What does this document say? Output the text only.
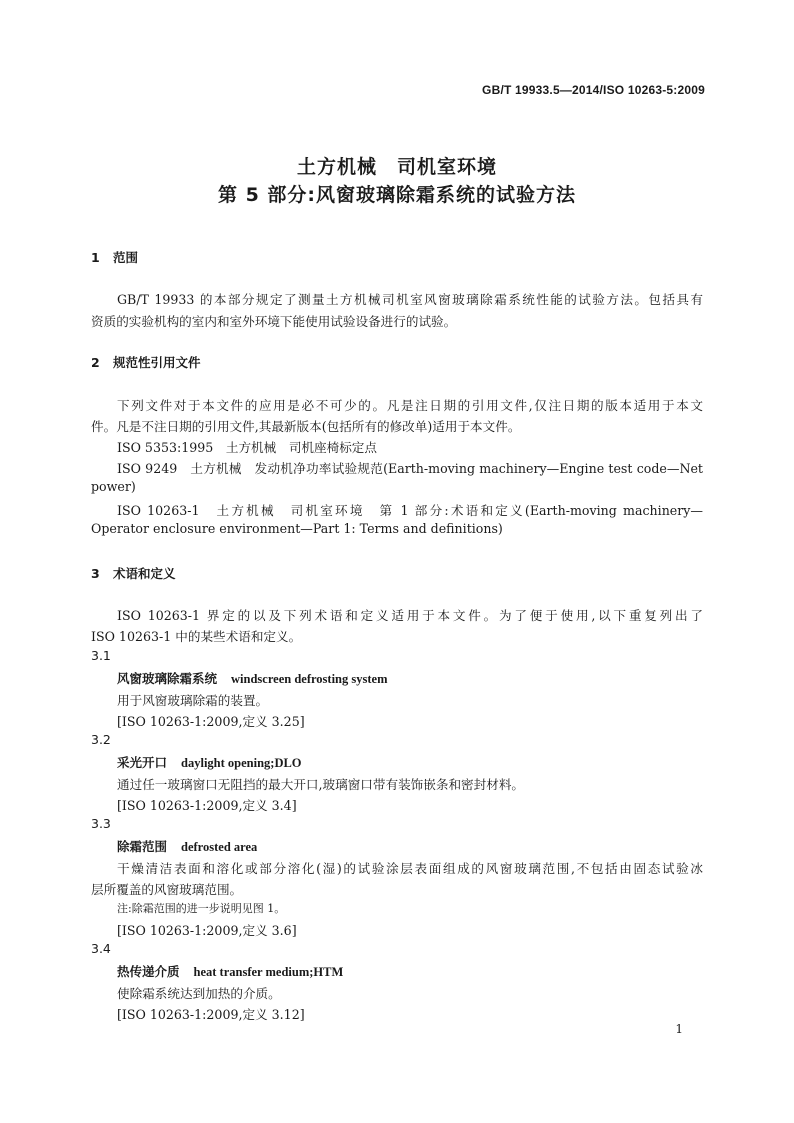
GB/T 19933.5—2014/ISO 10263-5:2009
土方机械　司机室环境
第 5 部分:风窗玻璃除霜系统的试验方法
1 范围
GB/T 19933 的本部分规定了测量土方机械司机室风窗玻璃除霜系统性能的试验方法。包括具有
资质的实验机构的室内和室外环境下能使用试验设备进行的试验。
2 规范性引用文件
下列文件对于本文件的应用是必不可少的。凡是注日期的引用文件,仅注日期的版本适用于本文
件。凡是不注日期的引用文件,其最新版本(包括所有的修改单)适用于本文件。
ISO 5353:1995　土方机械　司机座椅标定点
ISO 9249　土方机械　发动机净功率试验规范(Earth-moving machinery—Engine test code—Net
power)
ISO 10263-1　土方机械　司机室环境　第 1 部分:术语和定义(Earth-moving machinery—
Operator enclosure environment—Part 1: Terms and definitions)
3 术语和定义
ISO 10263-1 界定的以及下列术语和定义适用于本文件。为了便于使用,以下重复列出了
ISO 10263-1 中的某些术语和定义。
3.1
风窗玻璃除霜系统 windscreen defrosting system
用于风窗玻璃除霜的装置。
[ISO 10263-1:2009,定义 3.25]
3.2
采光开口 daylight opening;DLO
通过任一玻璃窗口无阻挡的最大开口,玻璃窗口带有装饰嵌条和密封材料。
[ISO 10263-1:2009,定义 3.4]
3.3
除霜范围 defrosted area
干燥清洁表面和溶化或部分溶化(湿)的试验涂层表面组成的风窗玻璃范围,不包括由固态试验冰
层所覆盖的风窗玻璃范围。
注:除霜范围的进一步说明见图 1。
[ISO 10263-1:2009,定义 3.6]
3.4
热传递介质 heat transfer medium;HTM
使除霜系统达到加热的介质。
[ISO 10263-1:2009,定义 3.12]
1
